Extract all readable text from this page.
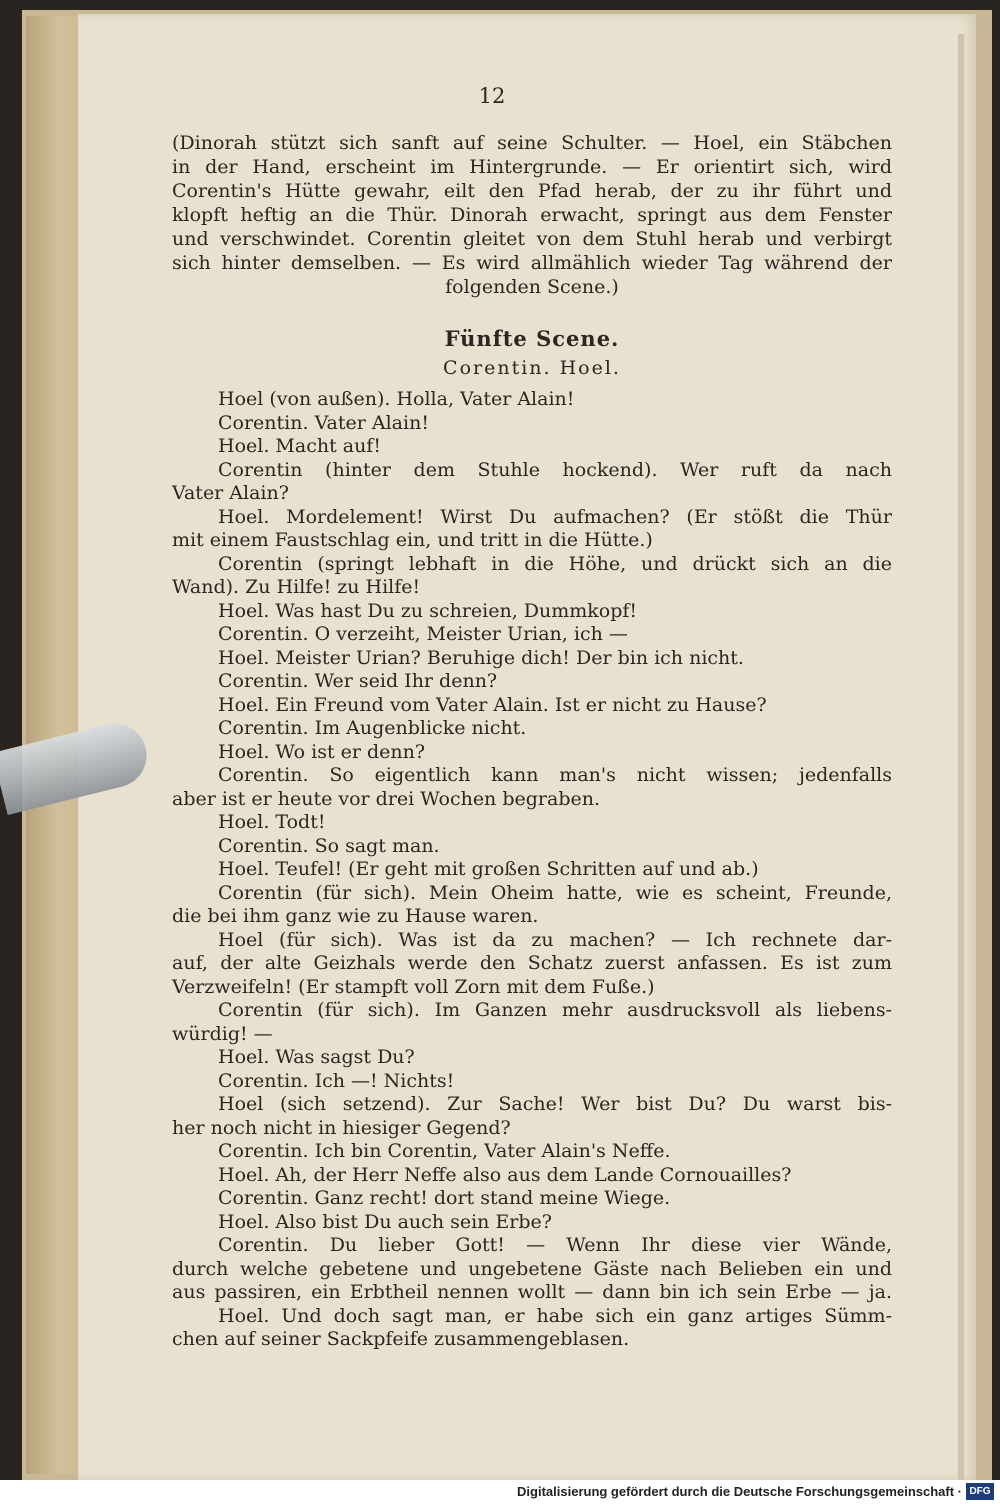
12
(Dinorah stützt sich sanft auf seine Schulter. — Hoel, ein Stäbchen
in der Hand, erscheint im Hintergrunde. — Er orientirt sich, wird
Corentin's Hütte gewahr, eilt den Pfad herab, der zu ihr führt und
klopft heftig an die Thür. Dinorah erwacht, springt aus dem Fenster
und verschwindet. Corentin gleitet von dem Stuhl herab und verbirgt
sich hinter demselben. — Es wird allmählich wieder Tag während der
folgenden Scene.)
Fünfte Scene.
Corentin. Hoel.
Hoel (von außen). Holla, Vater Alain!
Corentin. Vater Alain!
Hoel. Macht auf!
Corentin (hinter dem Stuhle hockend). Wer ruft da nach
Vater Alain?
Hoel. Mordelement! Wirst Du aufmachen? (Er stößt die Thür
mit einem Faustschlag ein, und tritt in die Hütte.)
Corentin (springt lebhaft in die Höhe, und drückt sich an die
Wand). Zu Hilfe! zu Hilfe!
Hoel. Was hast Du zu schreien, Dummkopf!
Corentin. O verzeiht, Meister Urian, ich —
Hoel. Meister Urian? Beruhige dich! Der bin ich nicht.
Corentin. Wer seid Ihr denn?
Hoel. Ein Freund vom Vater Alain. Ist er nicht zu Hause?
Corentin. Im Augenblicke nicht.
Hoel. Wo ist er denn?
Corentin. So eigentlich kann man's nicht wissen; jedenfalls
aber ist er heute vor drei Wochen begraben.
Hoel. Todt!
Corentin. So sagt man.
Hoel. Teufel! (Er geht mit großen Schritten auf und ab.)
Corentin (für sich). Mein Oheim hatte, wie es scheint, Freunde,
die bei ihm ganz wie zu Hause waren.
Hoel (für sich). Was ist da zu machen? — Ich rechnete dar-
auf, der alte Geizhals werde den Schatz zuerst anfassen. Es ist zum
Verzweifeln! (Er stampft voll Zorn mit dem Fuße.)
Corentin (für sich). Im Ganzen mehr ausdrucksvoll als liebens-
würdig! —
Hoel. Was sagst Du?
Corentin. Ich —! Nichts!
Hoel (sich setzend). Zur Sache! Wer bist Du? Du warst bis-
her noch nicht in hiesiger Gegend?
Corentin. Ich bin Corentin, Vater Alain's Neffe.
Hoel. Ah, der Herr Neffe also aus dem Lande Cornouailles?
Corentin. Ganz recht! dort stand meine Wiege.
Hoel. Also bist Du auch sein Erbe?
Corentin. Du lieber Gott! — Wenn Ihr diese vier Wände,
durch welche gebetene und ungebetene Gäste nach Belieben ein und
aus passiren, ein Erbtheil nennen wollt — dann bin ich sein Erbe — ja.
Hoel. Und doch sagt man, er habe sich ein ganz artiges Sümm-
chen auf seiner Sackpfeife zusammengeblasen.
Digitalisierung gefördert durch die Deutsche Forschungsgemeinschaft · DFG
